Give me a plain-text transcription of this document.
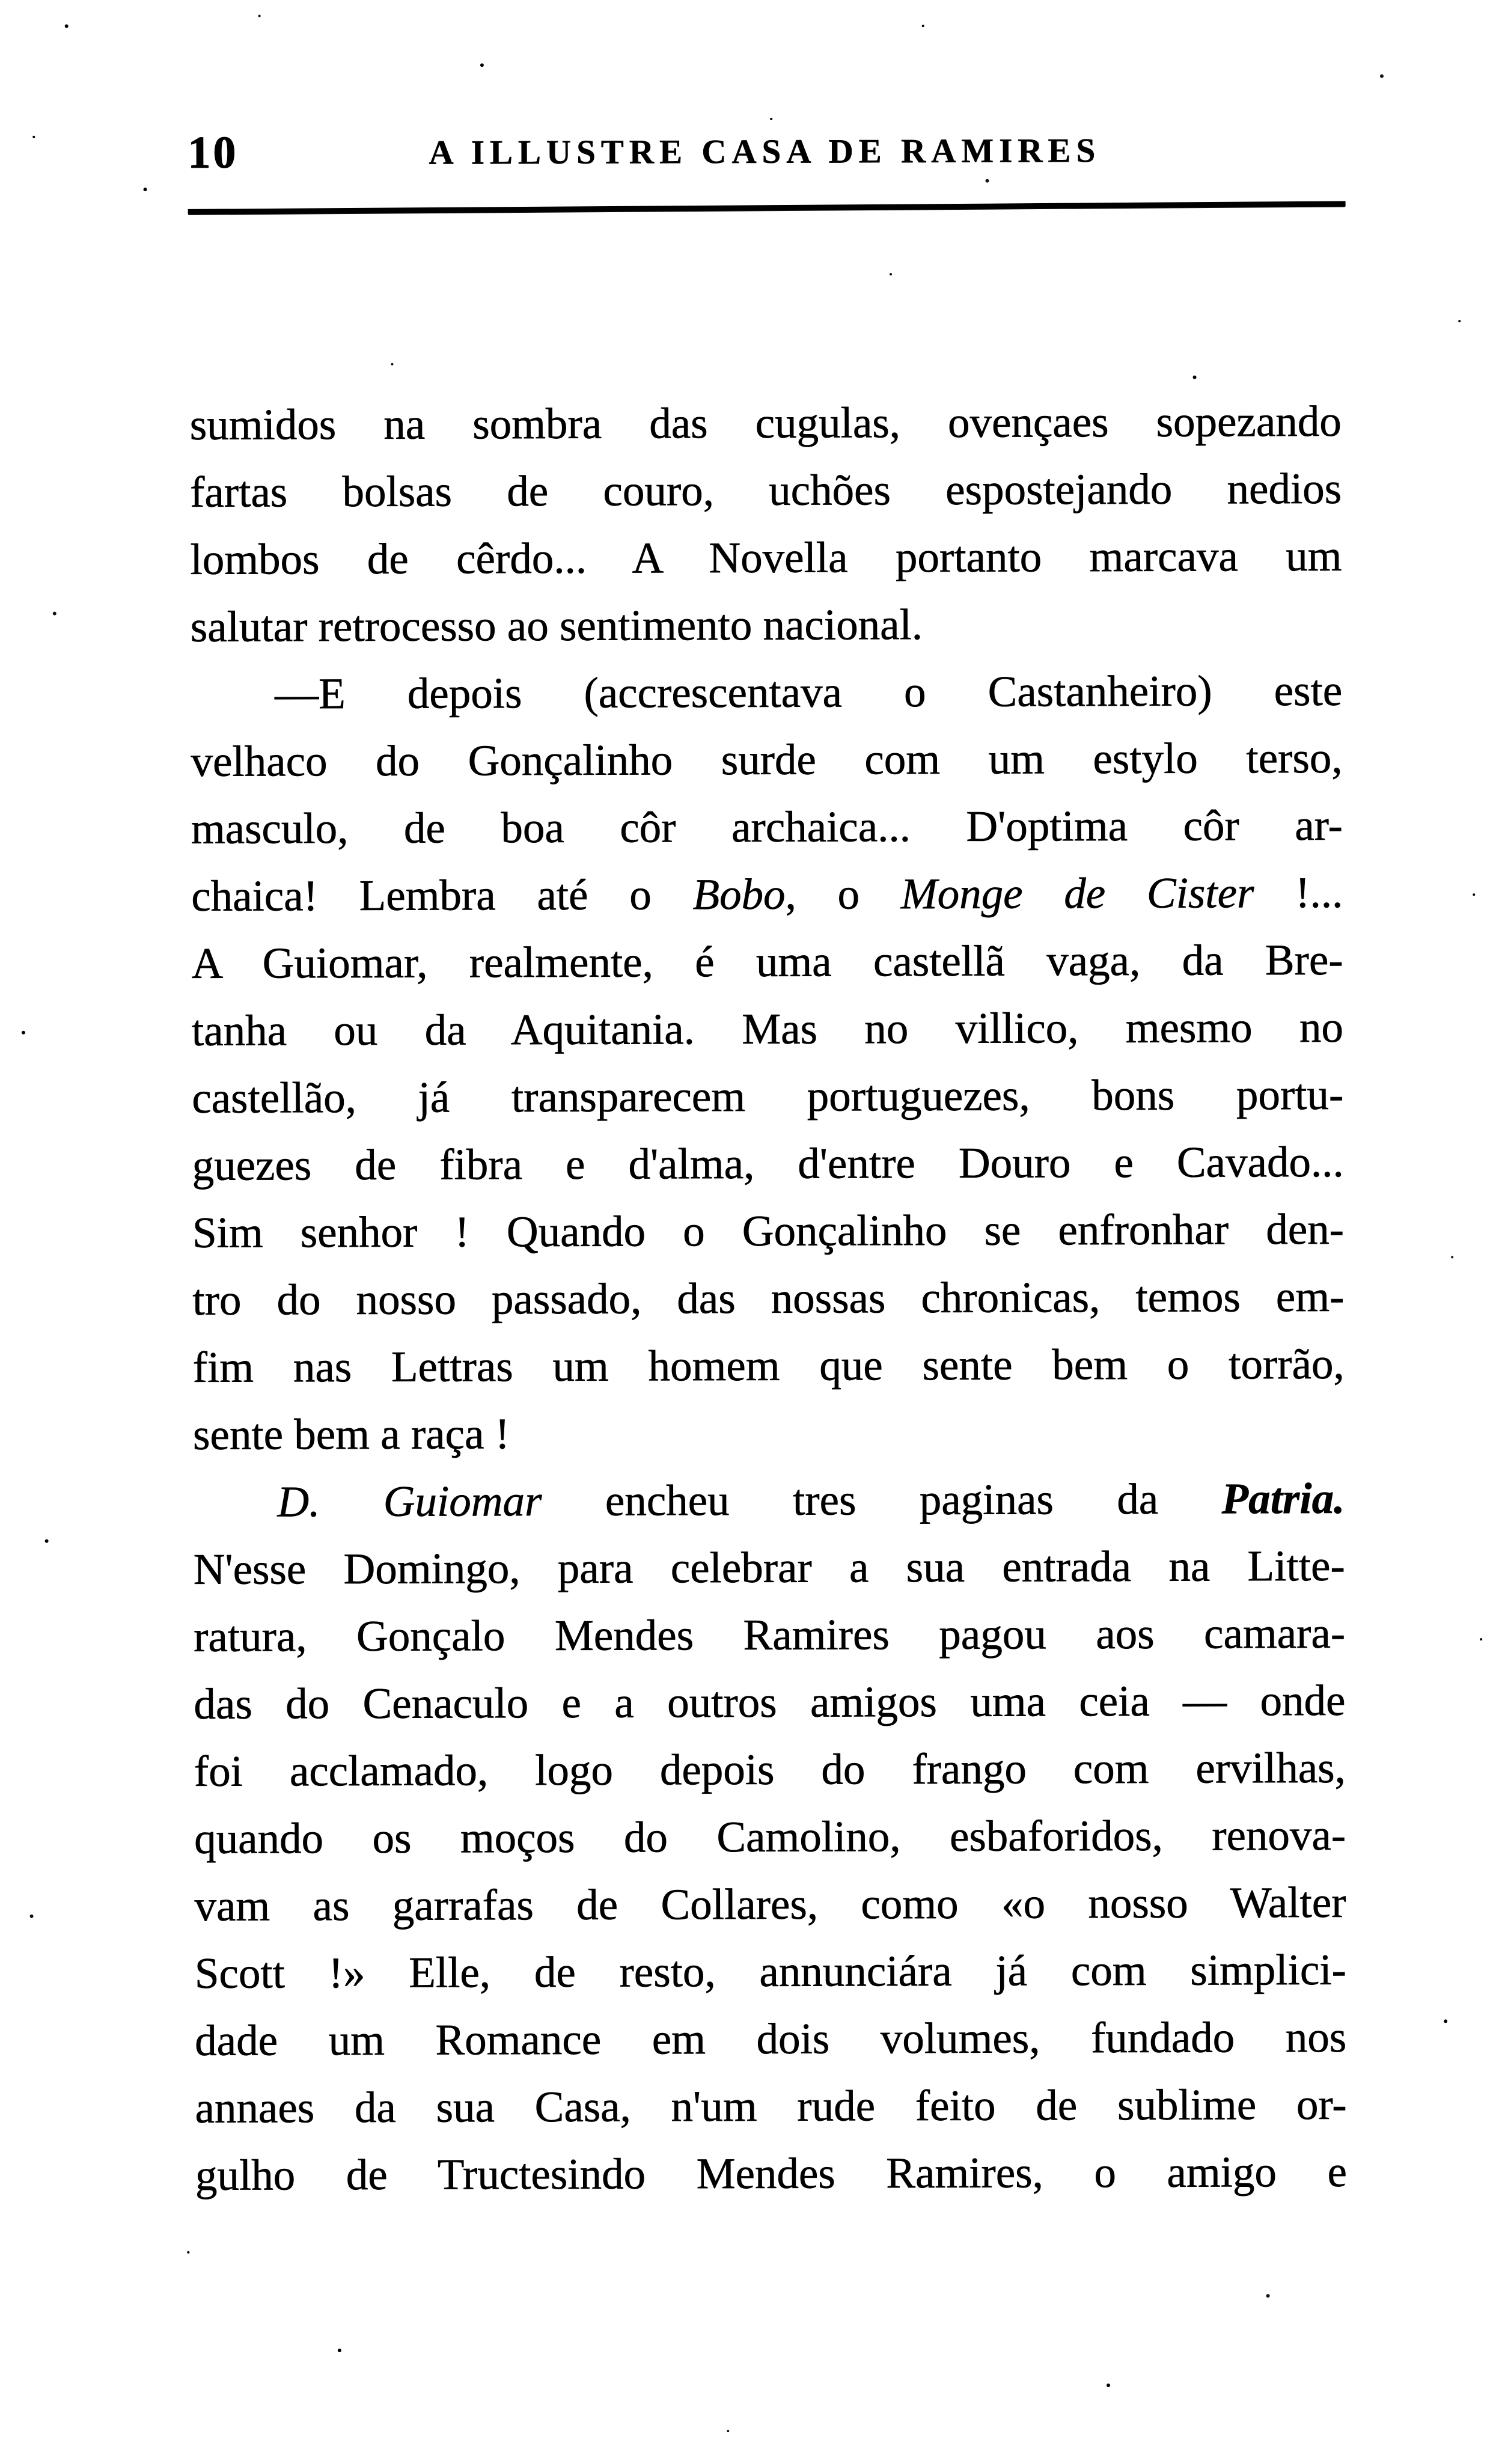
10	A ILLUSTRE CASA DE RAMIRES
sumidos na sombra das cugulas, ovençaes sopezando
fartas bolsas de couro, uchões espostejando nedios
lombos de cêrdo... A Novella portanto marcava um
salutar retrocesso ao sentimento nacional.
—E depois (accrescentava o Castanheiro) este
velhaco do Gonçalinho surde com um estylo terso,
masculo, de boa côr archaica... D'optima côr ar-
chaica! Lembra até o Bobo, o Monge de Cister !...
A Guiomar, realmente, é uma castellã vaga, da Bre-
tanha ou da Aquitania. Mas no villico, mesmo no
castellão, já transparecem portuguezes, bons portu-
guezes de fibra e d'alma, d'entre Douro e Cavado...
Sim senhor ! Quando o Gonçalinho se enfronhar den-
tro do nosso passado, das nossas chronicas, temos em-
fim nas Lettras um homem que sente bem o torrão,
sente bem a raça !
D. Guiomar encheu tres paginas da Patria.
N'esse Domingo, para celebrar a sua entrada na Litte-
ratura, Gonçalo Mendes Ramires pagou aos camara-
das do Cenaculo e a outros amigos uma ceia — onde
foi acclamado, logo depois do frango com ervilhas,
quando os moços do Camolino, esbaforidos, renova-
vam as garrafas de Collares, como «o nosso Walter
Scott !» Elle, de resto, annunciára já com simplici-
dade um Romance em dois volumes, fundado nos
annaes da sua Casa, n'um rude feito de sublime or-
gulho de Tructesindo Mendes Ramires, o amigo e
